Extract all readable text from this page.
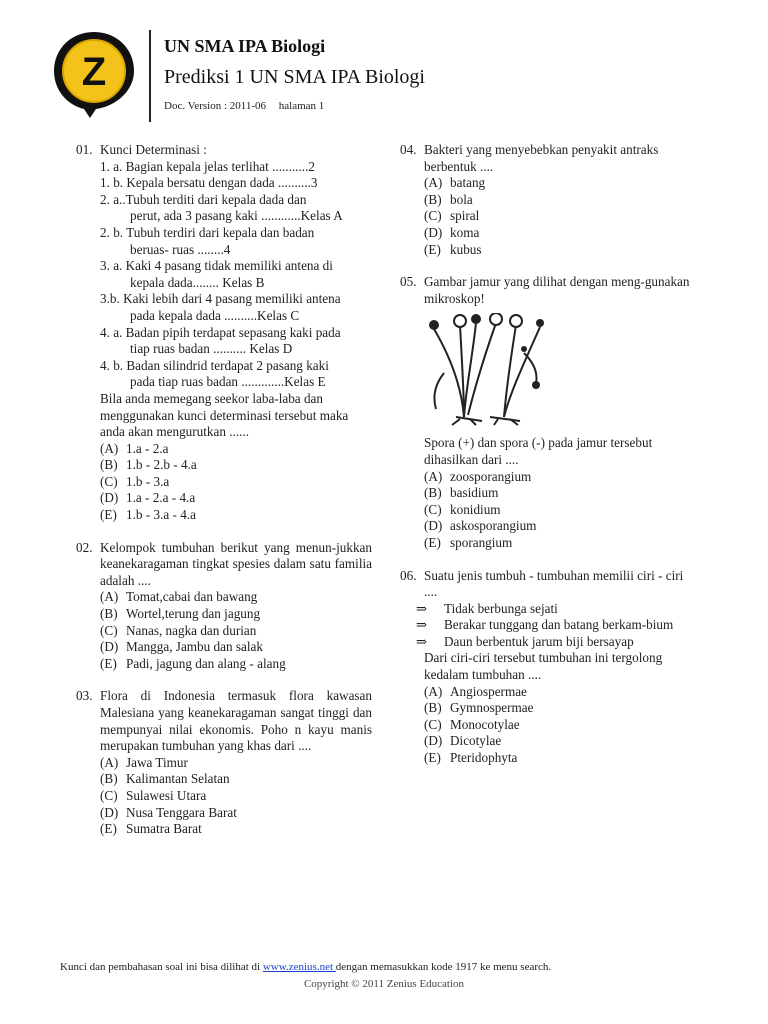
Z
UN SMA IPA Biologi
Prediksi 1 UN SMA IPA Biologi
Doc. Version : 2011-06 halaman 1
01. Kunci Determinasi :
1. a. Bagian kepala jelas terlihat ...........2
1. b. Kepala bersatu dengan dada ..........3
2. a..Tubuh terditi dari kepala dada dan
perut, ada 3 pasang kaki ............Kelas A
2. b. Tubuh terdiri dari kepala dan badan
beruas- ruas ........4
3. a. Kaki 4 pasang tidak memiliki antena di
kepala dada........ Kelas B
3.b. Kaki lebih dari 4 pasang memiliki antena
pada kepala dada ..........Kelas C
4. a. Badan pipih terdapat sepasang kaki pada
tiap ruas badan .......... Kelas D
4. b. Badan silindrid terdapat 2 pasang kaki
pada tiap ruas badan .............Kelas E
Bila anda memegang seekor laba-laba dan menggunakan kunci determinasi tersebut maka anda akan mengurutkan ......
(A) 1.a - 2.a
(B) 1.b - 2.b - 4.a
(C) 1.b - 3.a
(D) 1.a - 2.a - 4.a
(E) 1.b - 3.a - 4.a
02. Kelompok tumbuhan berikut yang menun-jukkan keanekaragaman tingkat spesies dalam satu familia adalah ....
(A) Tomat,cabai dan bawang
(B) Wortel,terung dan jagung
(C) Nanas, nagka dan durian
(D) Mangga, Jambu dan salak
(E) Padi, jagung dan alang - alang
03. Flora di Indonesia termasuk flora kawasan Malesiana yang keanekaragaman sangat tinggi dan mempunyai nilai ekonomis. Poho n kayu manis merupakan tumbuhan yang khas dari ....
(A) Jawa Timur
(B) Kalimantan Selatan
(C) Sulawesi Utara
(D) Nusa Tenggara Barat
(E) Sumatra Barat
04. Bakteri yang menyebebkan penyakit antraks berbentuk ....
(A) batang
(B) bola
(C) spiral
(D) koma
(E) kubus
05. Gambar jamur yang dilihat dengan meng-gunakan mikroskop!
Spora (+) dan spora (-) pada jamur tersebut dihasilkan dari ....
(A) zoosporangium
(B) basidium
(C) konidium
(D) askosporangium
(E) sporangium
06. Suatu jenis tumbuh - tumbuhan memilii ciri - ciri ....
⇒	Tidak berbunga sejati
⇒	Berakar tunggang dan batang berkam-bium
⇒	Daun berbentuk jarum biji bersayap
Dari ciri-ciri tersebut tumbuhan ini tergolong kedalam tumbuhan ....
(A) Angiospermae
(B) Gymnospermae
(C) Monocotylae
(D) Dicotylae
(E) Pteridophyta
Kunci dan pembahasan soal ini bisa dilihat di www.zenius.net dengan memasukkan kode 1917 ke menu search.
Copyright © 2011 Zenius Education
